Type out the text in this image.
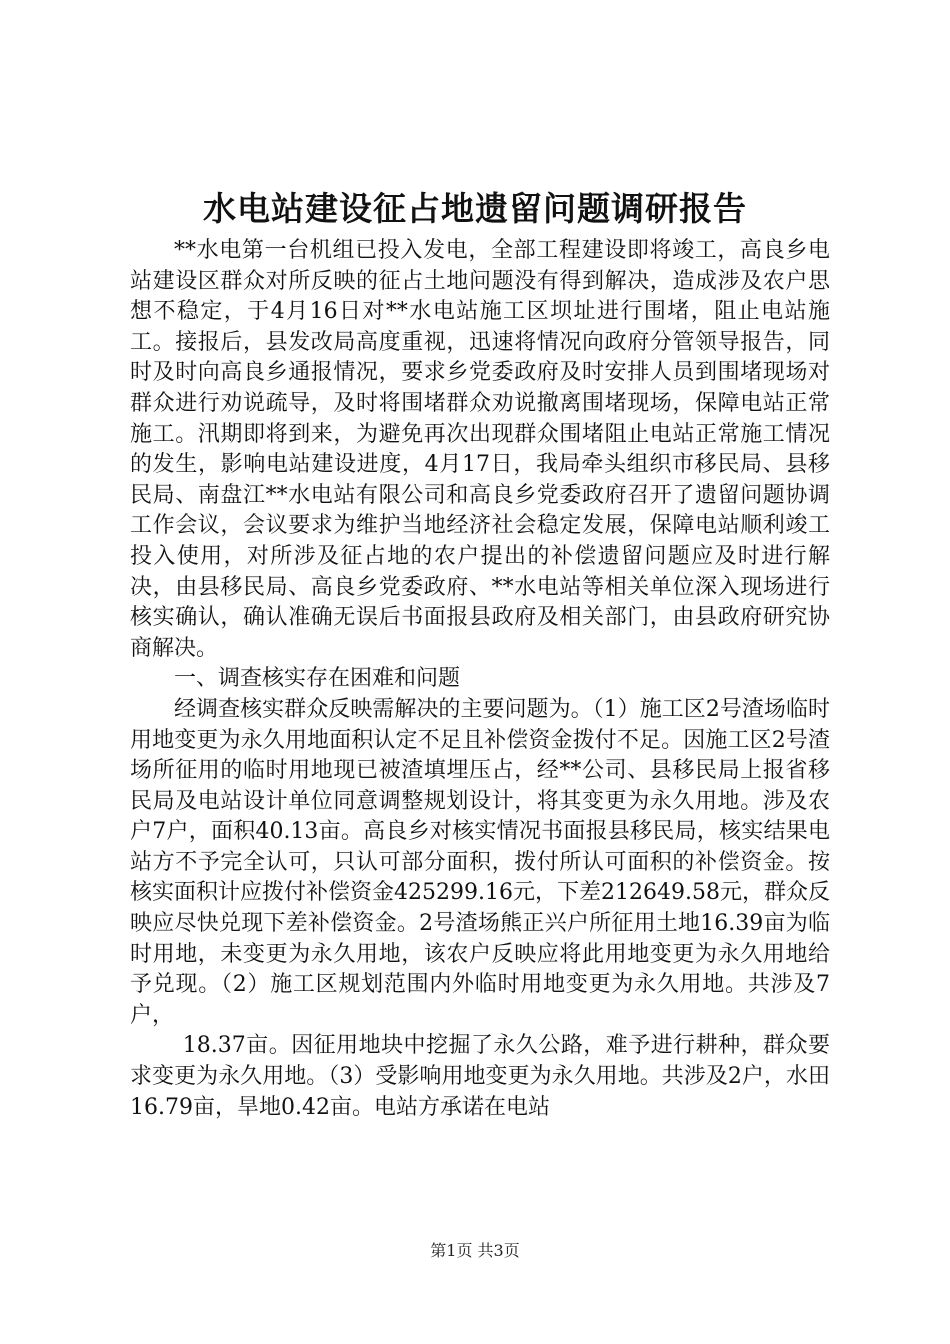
水电站建设征占地遗留问题调研报告

**水电第一台机组已投入发电，全部工程建设即将竣工，高良乡电站建设区群众对所反映的征占土地问题没有得到解决，造成涉及农户思想不稳定，于4月16日对**水电站施工区坝址进行围堵，阻止电站施工。接报后，县发改局高度重视，迅速将情况向政府分管领导报告，同时及时向高良乡通报情况，要求乡党委政府及时安排人员到围堵现场对群众进行劝说疏导，及时将围堵群众劝说撤离围堵现场，保障电站正常施工。汛期即将到来，为避免再次出现群众围堵阻止电站正常施工情况的发生，影响电站建设进度，4月17日，我局牵头组织市移民局、县移民局、南盘江**水电站有限公司和高良乡党委政府召开了遗留问题协调工作会议，会议要求为维护当地经济社会稳定发展，保障电站顺利竣工投入使用，对所涉及征占地的农户提出的补偿遗留问题应及时进行解决，由县移民局、高良乡党委政府、**水电站等相关单位深入现场进行核实确认，确认准确无误后书面报县政府及相关部门，由县政府研究协商解决。

一、调查核实存在困难和问题

经调查核实群众反映需解决的主要问题为。（1）施工区2号渣场临时用地变更为永久用地面积认定不足且补偿资金拨付不足。因施工区2号渣场所征用的临时用地现已被渣填埋压占，经**公司、县移民局上报省移民局及电站设计单位同意调整规划设计，将其变更为永久用地。涉及农户7户，面积40.13亩。高良乡对核实情况书面报县移民局，核实结果电站方不予完全认可，只认可部分面积，拨付所认可面积的补偿资金。按核实面积计应拨付补偿资金425299.16元，下差212649.58元，群众反映应尽快兑现下差补偿资金。2号渣场熊正兴户所征用土地16.39亩为临时用地，未变更为永久用地，该农户反映应将此用地变更为永久用地给予兑现。（2）施工区规划范围内外临时用地变更为永久用地。共涉及7户，

18.37亩。因征用地块中挖掘了永久公路，难予进行耕种，群众要求变更为永久用地。（3）受影响用地变更为永久用地。共涉及2户，水田16.79亩，旱地0.42亩。电站方承诺在电站

第1页 共3页
